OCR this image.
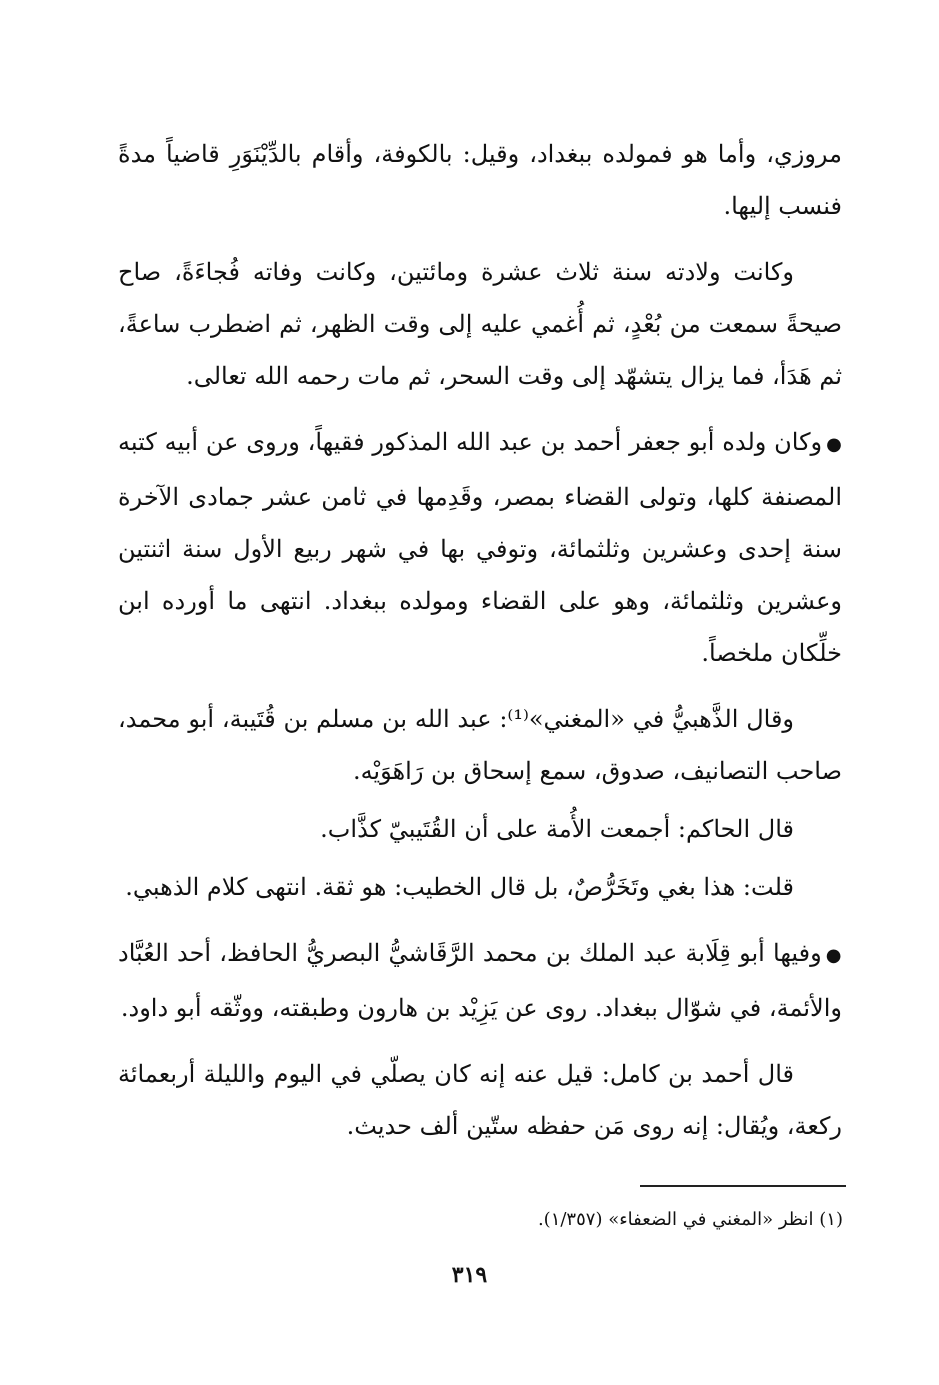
مروزي، وأما هو فمولده ببغداد، وقيل: بالكوفة، وأقام بالدِّيْنَوَرِ قاضياً مدةً فنسب إليها.

وكانت ولادته سنة ثلاث عشرة ومائتين، وكانت وفاته فُجاءَةً، صاح صيحةً سمعت من بُعْدٍ، ثم أُغمي عليه إلى وقت الظهر، ثم اضطرب ساعةً، ثم هَدَأ، فما يزال يتشهّد إلى وقت السحر، ثم مات رحمه الله تعالى.

●وكان ولده أبو جعفر أحمد بن عبد الله المذكور فقيهاً، وروى عن أبيه كتبه المصنفة كلها، وتولى القضاء بمصر، وقَدِمها في ثامن عشر جمادى الآخرة سنة إحدى وعشرين وثلثمائة، وتوفي بها في شهر ربيع الأول سنة اثنتين وعشرين وثلثمائة، وهو على القضاء ومولده ببغداد. انتهى ما أورده ابن خلِّكان ملخصاً.

وقال الذَّهبيُّ في «المغني»⁽¹⁾: عبد الله بن مسلم بن قُتَيبة، أبو محمد، صاحب التصانيف، صدوق، سمع إسحاق بن رَاهَوَيْه.

قال الحاكم: أجمعت الأُمة على أن القُتَيبيّ كذَّاب.

قلت: هذا بغي وتَخَرُّصٌ، بل قال الخطيب: هو ثقة. انتهى كلام الذهبي.

●وفيها أبو قِلَابة عبد الملك بن محمد الرَّقَاشيُّ البصريُّ الحافظ، أحد العُبَّاد والأئمة، في شوّال ببغداد. روى عن يَزِيْد بن هارون وطبقته، ووثّقه أبو داود.

قال أحمد بن كامل: قيل عنه إنه كان يصلّي في اليوم والليلة أربعمائة ركعة، ويُقال: إنه روى مَن حفظه ستّين ألف حديث.

(١) انظر «المغني في الضعفاء» (١/٣٥٧).
٣١٩
